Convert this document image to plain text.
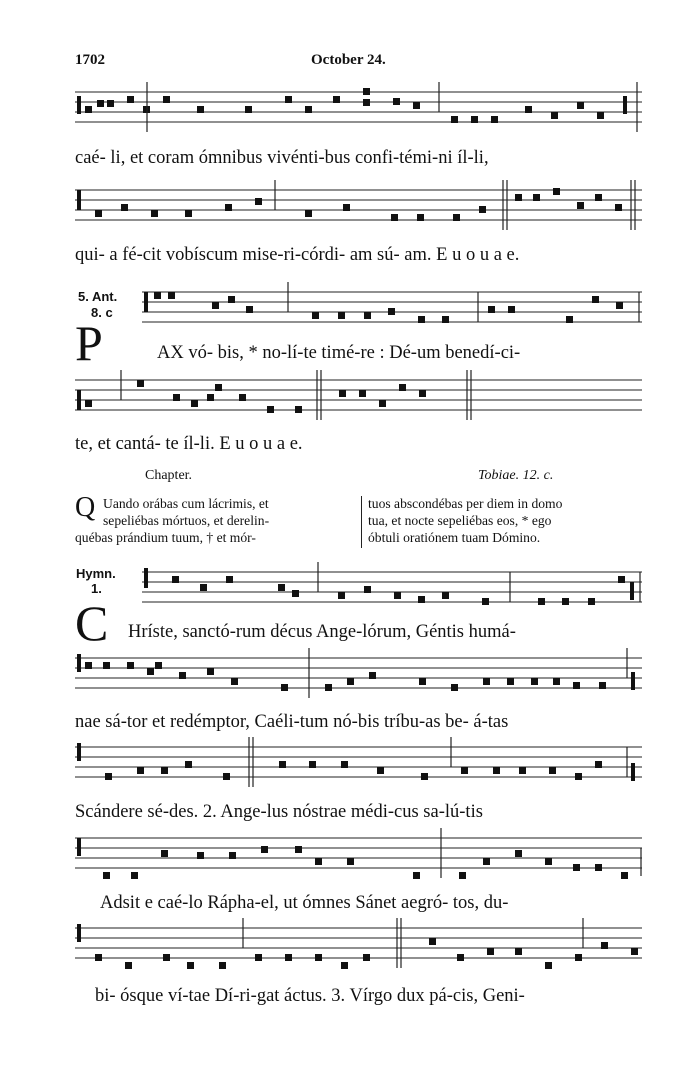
1702	October 24.
caé- li, et coram ómnibus vivénti-bus confi-témi-ni íl-li,
qui- a fé-cit vobíscum mise-ri-córdi- am sú- am. E u o u a e.
5. Ant.
8. c
P	AX vó- bis, * no-lí-te timé-re : Dé-um benedí-ci-
te, et cantá- te íl-li. E u o u a e.
Chapter.	Tobiae. 12. c.
Q Uando orábas cum lácrimis, et
sepeliébas mórtuos, et derelin-
québas prándium tuum, † et mór-
tuos abscondébas per diem in domo
tua, et nocte sepeliébas eos, * ego
óbtuli oratiónem tuam Dómino.
Hymn.
1.
C Hríste, sanctó-rum décus Ange-lórum, Géntis humá-
nae sá-tor et redémptor, Caéli-tum nó-bis tríbu-as be- á-tas
Scándere sé-des. 2. Ange-lus nóstrae médi-cus sa-lú-tis
Adsit e caé-lo Rápha-el, ut ómnes Sánet aegró- tos, du-
bi- ósque ví-tae Dí-ri-gat áctus. 3. Vírgo dux pá-cis, Geni-
